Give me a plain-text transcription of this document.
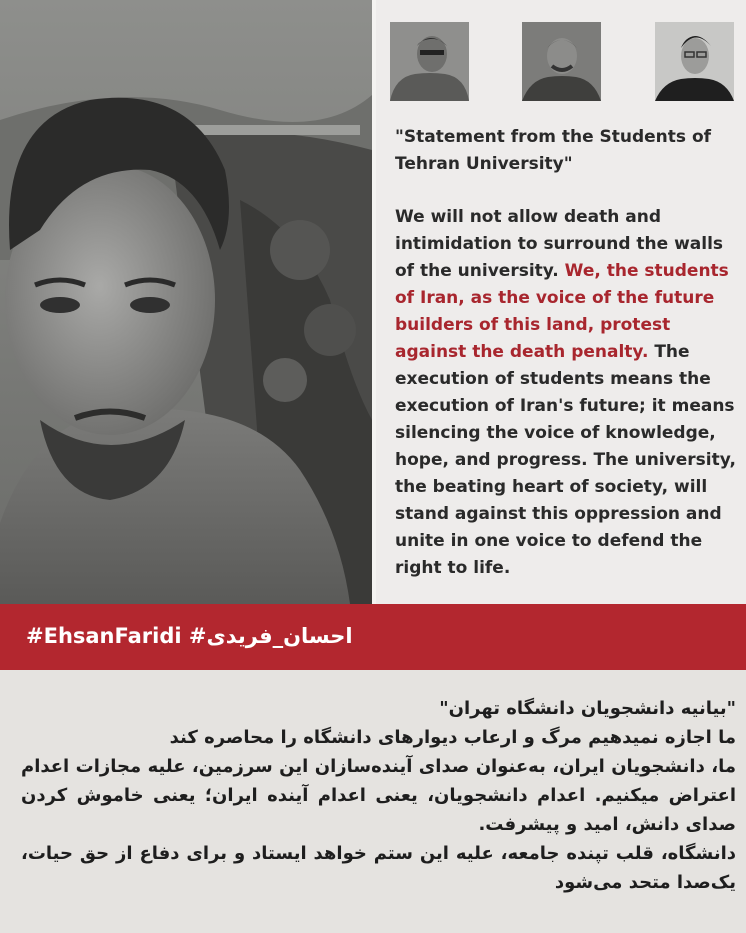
"Statement from the Students of Tehran University"

We will not allow death and intimidation to surround the walls of the university. We, the students of Iran, as the voice of the future builders of this land, protest against the death penalty. The execution of students means the execution of Iran's future; it means silencing the voice of knowledge, hope, and progress. The university, the beating heart of society, will stand against this oppression and unite in one voice to defend the right to life.

#EhsanFaridi #احسان_فریدی

"بیانیه دانشجویان دانشگاه تهران"

ما اجازه نمیدهیم مرگ و ارعاب دیوارهای دانشگاه را محاصره کند

ما، دانشجویان ایران، به‌عنوان صدای آینده‌سازان این سرزمین، علیه مجازات اعدام اعتراض میکنیم. اعدام دانشجویان، یعنی اعدام آینده ایران؛ یعنی خاموش کردن صدای دانش، امید و پیشرفت.

دانشگاه، قلب تپنده جامعه، علیه این ستم خواهد ایستاد و برای دفاع از حق حیات، یک‌صدا متحد می‌شود
